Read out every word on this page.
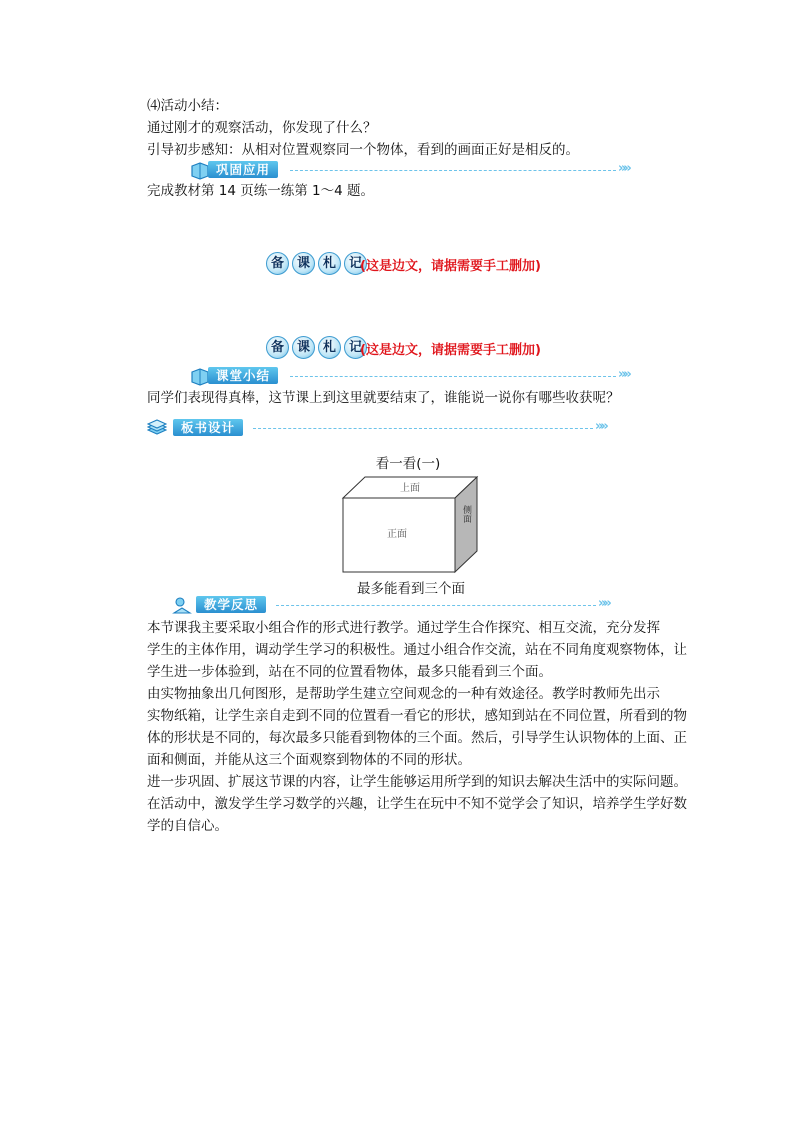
⑷活动小结：
通过刚才的观察活动，你发现了什么？
引导初步感知：从相对位置观察同一个物体，看到的画面正好是相反的。
巩固应用	»»
完成教材第 14 页练一练第 1～4 题。
备 课 札 记
(这是边文，请据需要手工删加)
备 课 札 记
(这是边文，请据需要手工删加)
课堂小结	»»
同学们表现得真棒，这节课上到这里就要结束了，谁能说一说你有哪些收获呢？
板书设计	»»
看一看(一)
上面
正面
侧面
最多能看到三个面
教学反思	»»
本节课我主要采取小组合作的形式进行教学。通过学生合作探究、相互交流，充分发挥
学生的主体作用，调动学生学习的积极性。通过小组合作交流，站在不同角度观察物体，让
学生进一步体验到，站在不同的位置看物体，最多只能看到三个面。
由实物抽象出几何图形，是帮助学生建立空间观念的一种有效途径。教学时教师先出示
实物纸箱，让学生亲自走到不同的位置看一看它的形状，感知到站在不同位置，所看到的物
体的形状是不同的，每次最多只能看到物体的三个面。然后，引导学生认识物体的上面、正
面和侧面，并能从这三个面观察到物体的不同的形状。
进一步巩固、扩展这节课的内容，让学生能够运用所学到的知识去解决生活中的实际问题。
在活动中，激发学生学习数学的兴趣，让学生在玩中不知不觉学会了知识，培养学生学好数
学的自信心。
